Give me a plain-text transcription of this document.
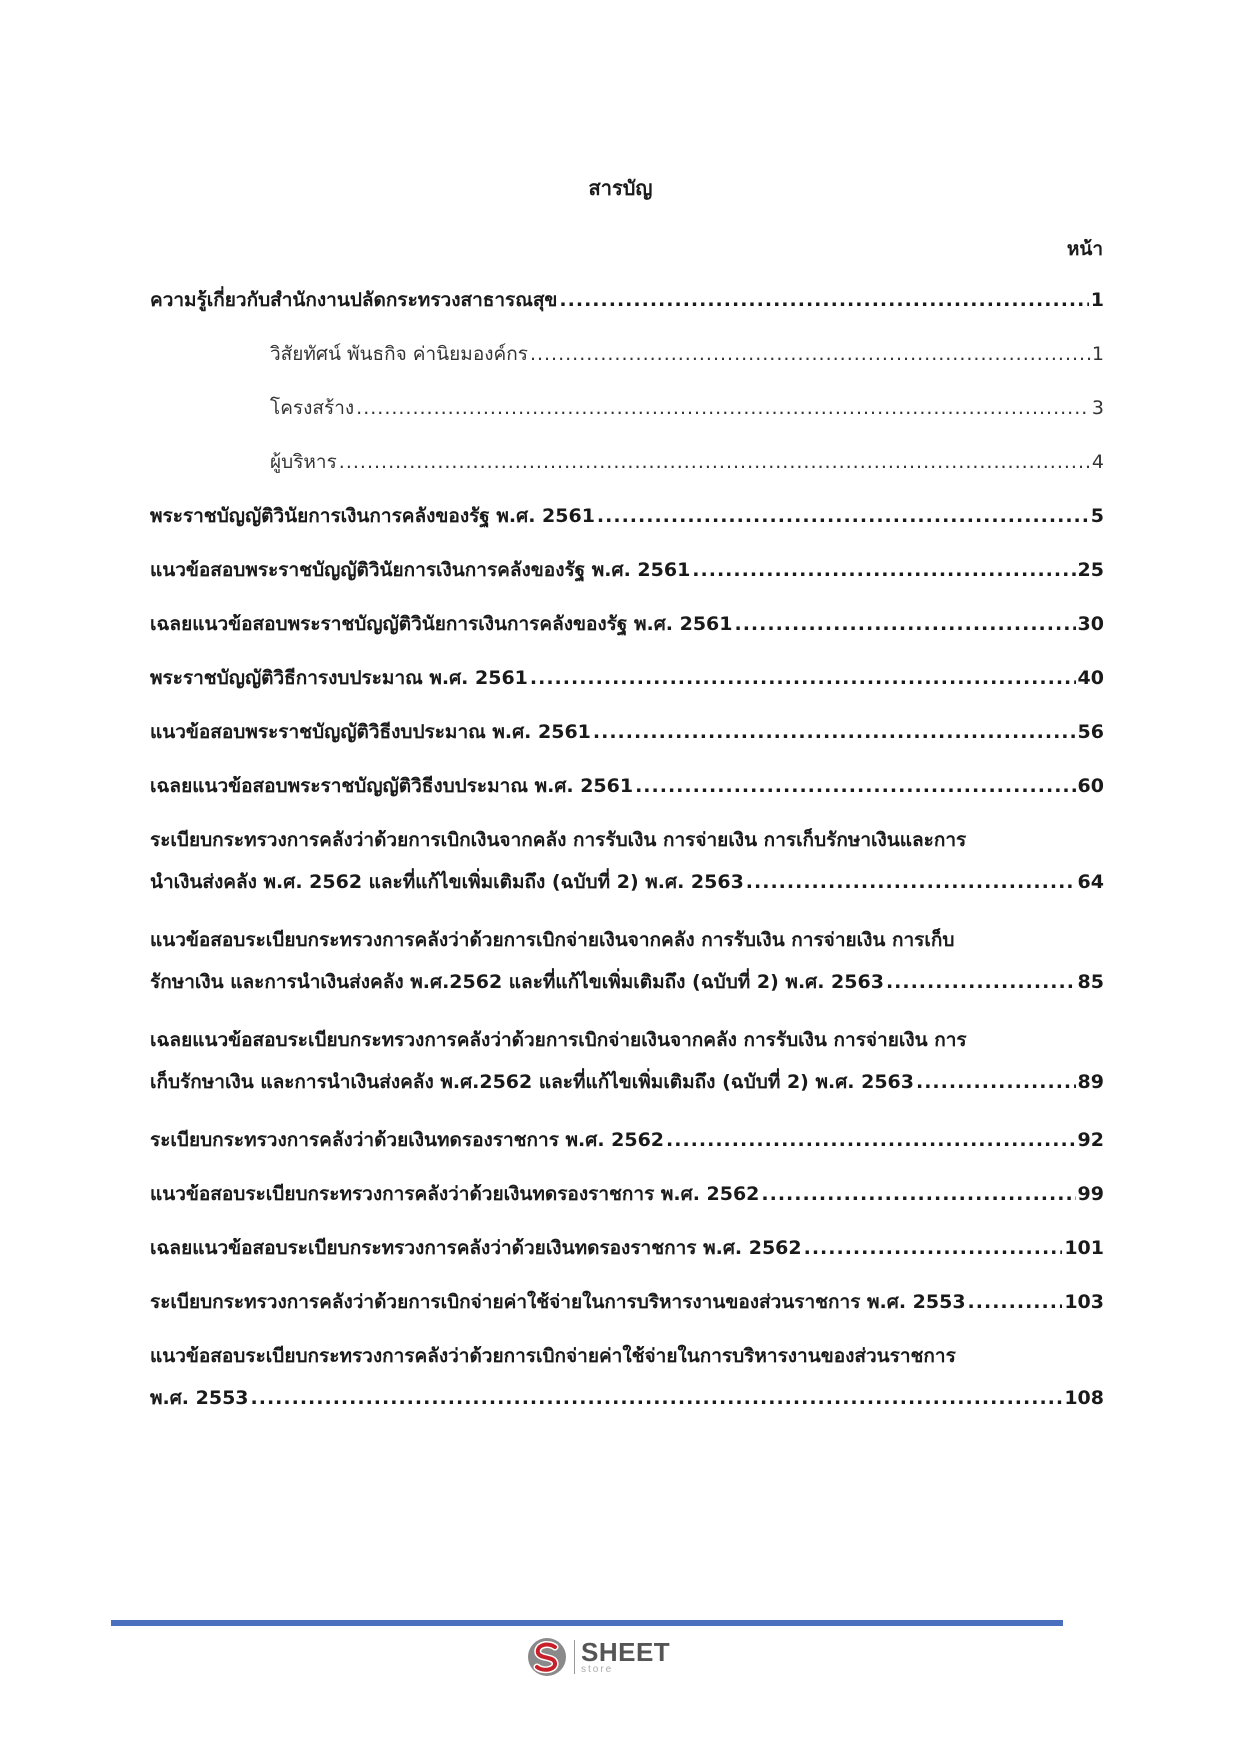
สารบัญ
หน้า
ความรู้เกี่ยวกับสำนักงานปลัดกระทรวงสาธารณสุข .....	1
วิสัยทัศน์ พันธกิจ ค่านิยมองค์กร .....	1
โครงสร้าง .....	3
ผู้บริหาร .....	4
พระราชบัญญัติวินัยการเงินการคลังของรัฐ พ.ศ. 2561 .....	5
แนวข้อสอบพระราชบัญญัติวินัยการเงินการคลังของรัฐ พ.ศ. 2561 .....	25
เฉลยแนวข้อสอบพระราชบัญญัติวินัยการเงินการคลังของรัฐ พ.ศ. 2561 .....	30
พระราชบัญญัติวิธีการงบประมาณ พ.ศ. 2561 .....	40
แนวข้อสอบพระราชบัญญัติวิธีงบประมาณ พ.ศ. 2561 .....	56
เฉลยแนวข้อสอบพระราชบัญญัติวิธีงบประมาณ พ.ศ. 2561 .....	60
ระเบียบกระทรวงการคลังว่าด้วยการเบิกเงินจากคลัง การรับเงิน การจ่ายเงิน การเก็บรักษาเงินและการ
นำเงินส่งคลัง พ.ศ. 2562 และที่แก้ไขเพิ่มเติมถึง (ฉบับที่ 2) พ.ศ. 2563 .....	64
แนวข้อสอบระเบียบกระทรวงการคลังว่าด้วยการเบิกจ่ายเงินจากคลัง การรับเงิน การจ่ายเงิน การเก็บ
รักษาเงิน และการนำเงินส่งคลัง พ.ศ.2562 และที่แก้ไขเพิ่มเติมถึง (ฉบับที่ 2) พ.ศ. 2563 .....	85
เฉลยแนวข้อสอบระเบียบกระทรวงการคลังว่าด้วยการเบิกจ่ายเงินจากคลัง การรับเงิน การจ่ายเงิน การ
เก็บรักษาเงิน และการนำเงินส่งคลัง พ.ศ.2562 และที่แก้ไขเพิ่มเติมถึง (ฉบับที่ 2) พ.ศ. 2563 .....	89
ระเบียบกระทรวงการคลังว่าด้วยเงินทดรองราชการ พ.ศ. 2562 .....	92
แนวข้อสอบระเบียบกระทรวงการคลังว่าด้วยเงินทดรองราชการ พ.ศ. 2562 .....	99
เฉลยแนวข้อสอบระเบียบกระทรวงการคลังว่าด้วยเงินทดรองราชการ พ.ศ. 2562 .....	101
ระเบียบกระทรวงการคลังว่าด้วยการเบิกจ่ายค่าใช้จ่ายในการบริหารงานของส่วนราชการ พ.ศ. 2553 .....	103
แนวข้อสอบระเบียบกระทรวงการคลังว่าด้วยการเบิกจ่ายค่าใช้จ่ายในการบริหารงานของส่วนราชการ
พ.ศ. 2553 .....	108
SHEET
store
